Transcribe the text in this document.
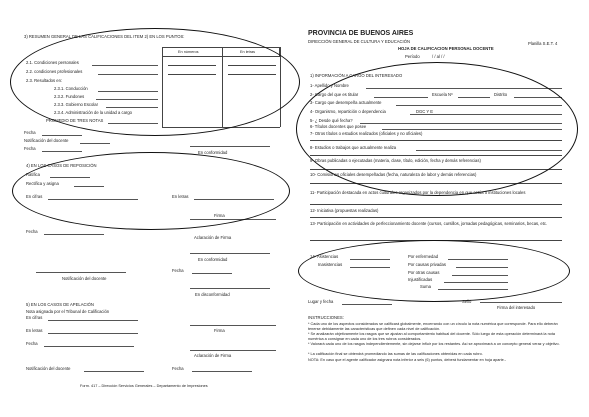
3) RESUMEN GENERAL DE LAS CALIFICACIONES DEL ITEM 2) EN LOS PUNTOS:
En números	En letras
2.1. Condiciones personales
2.2. condiciones profesionales
2.3. Resultados en:
2.3.1. Conducción
2.3.2. Fundones
2.3.3. Gobierno Escolar
2.3.4. Administración de la unidad a cargo
PROMEDIO DE TRES NOTAS
Fecha
Notificación del docente
Fecha
En conformidad
4) EN LOS CASOS DE REPOSICIÓN
Ratifica
Rectifica y asigna
En cifras	En letras
Firma
Fecha
Aclaración de Firma
En conformidad
Fecha
Notificación del docente
En disconformidad
5) EN LOS CASOS DE APELACIÓN
Nota asignada por el Tribunal de Calificación
En cifras
En letras	Firma
Fecha
Aclaración de Firma
Notificación del docente	Fecha
Form. 417 – Dirección Servicios Generales – Departamento de Impresiones
PROVINCIA DE BUENOS AIRES
DIRECCIÓN GENERAL DE CULTURA Y EDUCACIÓN	Planilla S.E.T. 4
HOJA DE CALIFICACION PERSONAL DOCENTE
Período	/ / al / /
1) INFORMACIÓN A CARGO DEL INTERESADO
1- Apellido y Nombre
2- Cargo del que es titular	Escuela Nº	Distrito
3- Cargo que desempeña actualmente
4- Organismo, repartición o dependencia	DGC Y E
5- ¿ Desde qué fecha?
6- Títulos docentes que posee
7- Otros títulos o estudios realizados (oficiales y no oficiales)
8- Estudios o trabajos que actualmente realiza
9- Obras publicadas o ejecutadas (materia, clase, título, edición, fecha y demás referencias)
10- Comisiones oficiales desempeñadas (fecha, naturaleza de labor y demás referencias)
11- Participación destacada en actos culturales organizados por la dependencia en que actúa o instituciones locales
12- Iniciativa (propuestas realizadas)
13- Participación en actividades de perfeccionamiento docente (cursos, cursillos, jornadas pedagógicas, seminarios, becas, etc.
14- Asistencias
Inasistencias
Por enfermedad
Por causas privadas
Por otras causas
Injustificadas
Suma
Lugar y fecha	Sello
Firma del interesado
INSTRUCCIONES:
* Cada uno de los aspectos considerados se calificará globalmente, encerrando con un círculo la nota numérica que corresponde. Para ello deberán tenerse debidamente las características que definen cada nivel de calificación.
* Se analizarán objetivamente los rasgos que se ajustan al comportamiento habitual del docente. Sólo luego de esta operación determinará la nota numérica a consignar en cada uno de los tres rubros considerados.
* Valorará cada uno de los rasgos independientemente, sin dejarse influir por los restantes. Así se aproximará a un concepto general veraz y objetivo.
* La calificación final se obtendrá promediando las sumas de las calificaciones obtenidas en cada rubro.
NOTA: En caso que el agente calificador asignara nota inferior a seis (6) puntos, deberá fundamentar en hoja aparte.-
